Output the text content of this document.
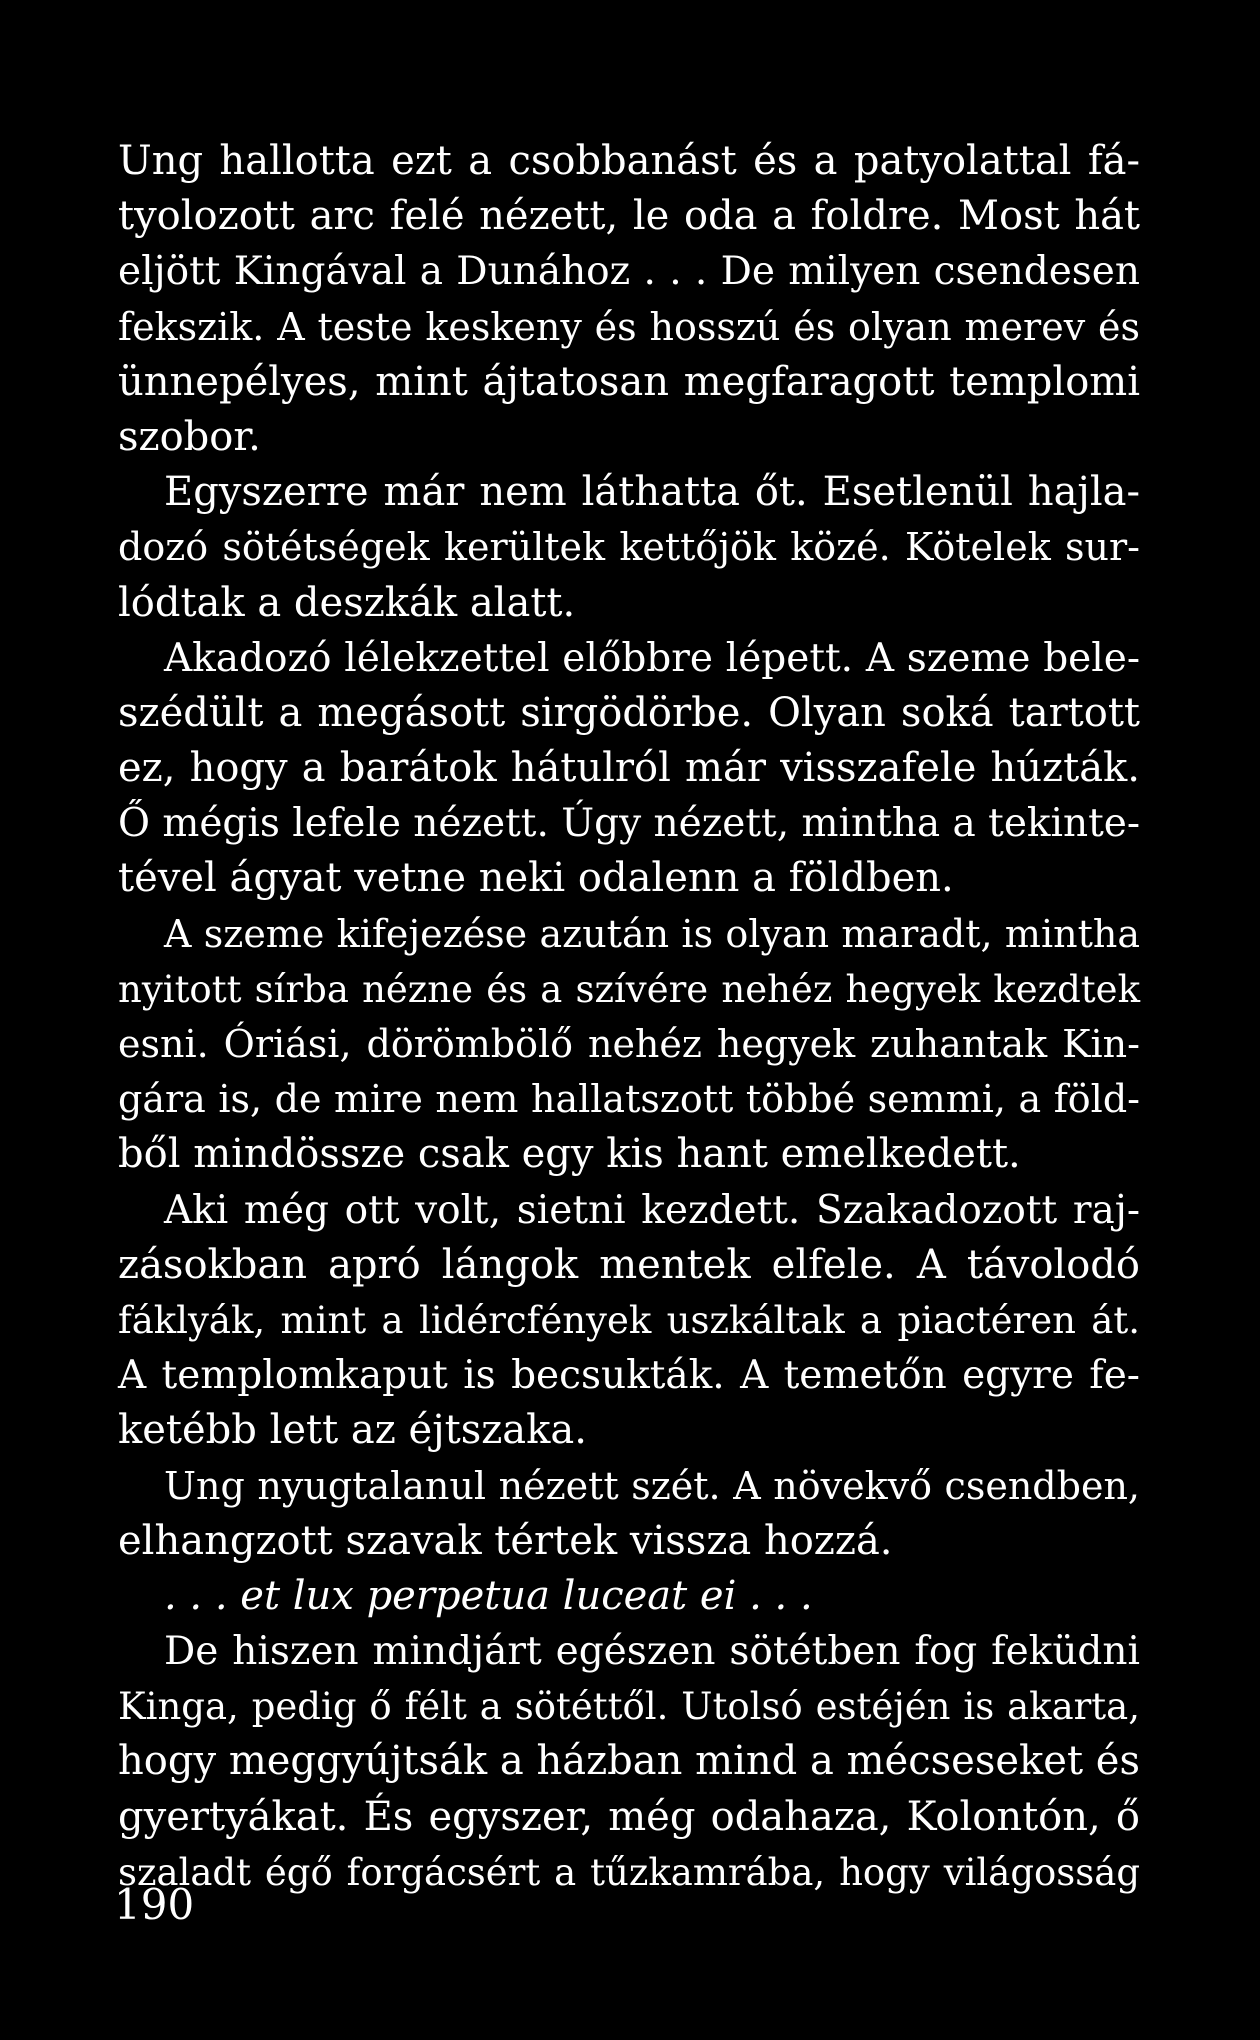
Ung hallotta ezt a csobbanást és a patyolattal fá-
tyolozott arc felé nézett, le oda a foldre. Most hát
eljött Kingával a Dunához . . . De milyen csendesen
fekszik. A teste keskeny és hosszú és olyan merev és
ünnepélyes, mint ájtatosan megfaragott templomi
szobor.
Egyszerre már nem láthatta őt. Esetlenül hajla-
dozó sötétségek kerültek kettőjök közé. Kötelek sur-
lódtak a deszkák alatt.
Akadozó lélekzettel előbbre lépett. A szeme bele-
szédült a megásott sirgödörbe. Olyan soká tartott
ez, hogy a barátok hátulról már visszafele húzták.
Ő mégis lefele nézett. Úgy nézett, mintha a tekinte-
tével ágyat vetne neki odalenn a földben.
A szeme kifejezése azután is olyan maradt, mintha
nyitott sírba nézne és a szívére nehéz hegyek kezdtek
esni. Óriási, dörömbölő nehéz hegyek zuhantak Kin-
gára is, de mire nem hallatszott többé semmi, a föld-
ből mindössze csak egy kis hant emelkedett.
Aki még ott volt, sietni kezdett. Szakadozott raj-
zásokban apró lángok mentek elfele. A távolodó
fáklyák, mint a lidércfények uszkáltak a piactéren át.
A templomkaput is becsukták. A temetőn egyre fe-
ketébb lett az éjtszaka.
Ung nyugtalanul nézett szét. A növekvő csendben,
elhangzott szavak tértek vissza hozzá.
. . . et lux perpetua luceat ei . . .
De hiszen mindjárt egészen sötétben fog feküdni
Kinga, pedig ő félt a sötéttől. Utolsó estéjén is akarta,
hogy meggyújtsák a házban mind a mécseseket és
gyertyákat. És egyszer, még odahaza, Kolontón, ő
szaladt égő forgácsért a tűzkamrába, hogy világosság
190
